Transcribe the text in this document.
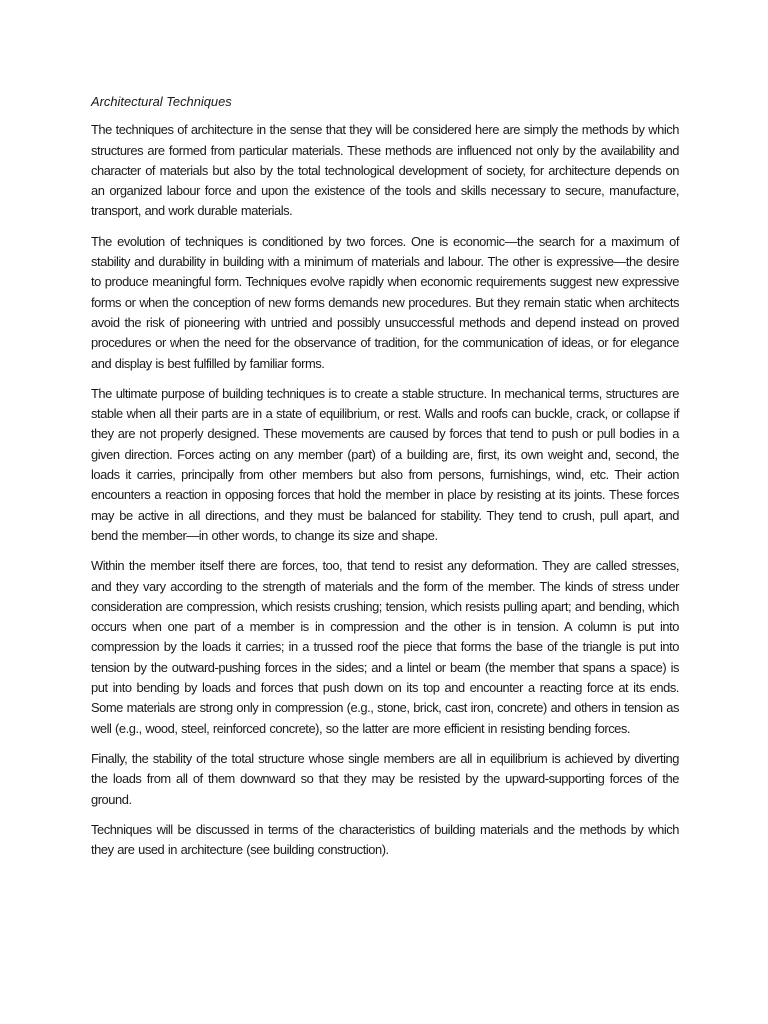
Architectural Techniques

The techniques of architecture in the sense that they will be considered here are simply the methods by which structures are formed from particular materials. These methods are influenced not only by the availability and character of materials but also by the total technological development of society, for architecture depends on an organized labour force and upon the existence of the tools and skills necessary to secure, manufacture, transport, and work durable materials.

The evolution of techniques is conditioned by two forces. One is economic—the search for a maximum of stability and durability in building with a minimum of materials and labour. The other is expressive—the desire to produce meaningful form. Techniques evolve rapidly when economic requirements suggest new expressive forms or when the conception of new forms demands new procedures. But they remain static when architects avoid the risk of pioneering with untried and possibly unsuccessful methods and depend instead on proved procedures or when the need for the observance of tradition, for the communication of ideas, or for elegance and display is best fulfilled by familiar forms.

The ultimate purpose of building techniques is to create a stable structure. In mechanical terms, structures are stable when all their parts are in a state of equilibrium, or rest. Walls and roofs can buckle, crack, or collapse if they are not properly designed. These movements are caused by forces that tend to push or pull bodies in a given direction. Forces acting on any member (part) of a building are, first, its own weight and, second, the loads it carries, principally from other members but also from persons, furnishings, wind, etc. Their action encounters a reaction in opposing forces that hold the member in place by resisting at its joints. These forces may be active in all directions, and they must be balanced for stability. They tend to crush, pull apart, and bend the member—in other words, to change its size and shape.

Within the member itself there are forces, too, that tend to resist any deformation. They are called stresses, and they vary according to the strength of materials and the form of the member. The kinds of stress under consideration are compression, which resists crushing; tension, which resists pulling apart; and bending, which occurs when one part of a member is in compression and the other is in tension. A column is put into compression by the loads it carries; in a trussed roof the piece that forms the base of the triangle is put into tension by the outward-pushing forces in the sides; and a lintel or beam (the member that spans a space) is put into bending by loads and forces that push down on its top and encounter a reacting force at its ends. Some materials are strong only in compression (e.g., stone, brick, cast iron, concrete) and others in tension as well (e.g., wood, steel, reinforced concrete), so the latter are more efficient in resisting bending forces.

Finally, the stability of the total structure whose single members are all in equilibrium is achieved by diverting the loads from all of them downward so that they may be resisted by the upward-supporting forces of the ground.

Techniques will be discussed in terms of the characteristics of building materials and the methods by which they are used in architecture (see building construction).
